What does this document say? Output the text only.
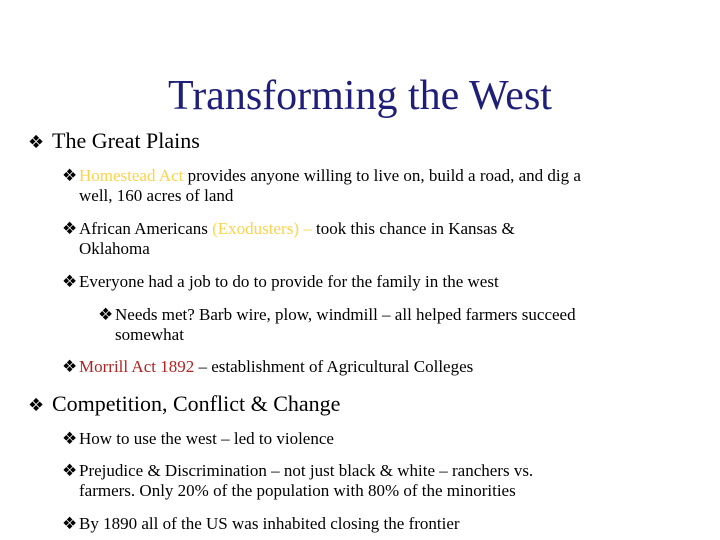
Transforming the West

❖ The Great Plains

❖ Homestead Act provides anyone willing to live on, build a road, and dig a
well, 160 acres of land

❖ African Americans (Exodusters) – took this chance in Kansas &
Oklahoma

❖ Everyone had a job to do to provide for the family in the west

❖ Needs met? Barb wire, plow, windmill – all helped farmers succeed
somewhat

❖ Morrill Act 1892 – establishment of Agricultural Colleges

❖ Competition, Conflict & Change

❖ How to use the west – led to violence

❖ Prejudice & Discrimination – not just black & white – ranchers vs.
farmers. Only 20% of the population with 80% of the minorities

❖ By 1890 all of the US was inhabited closing the frontier
